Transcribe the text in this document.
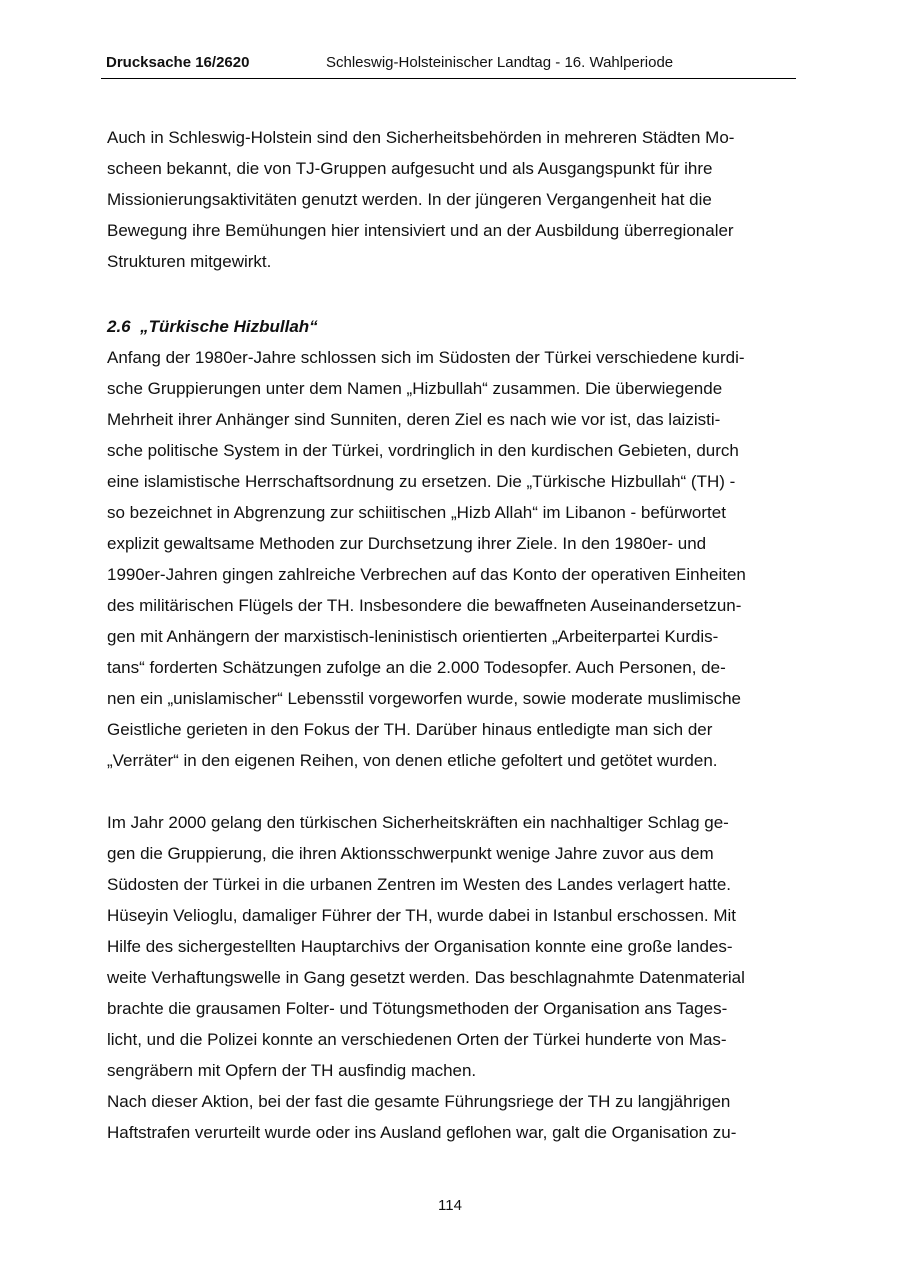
Drucksache 16/2620	Schleswig-Holsteinischer Landtag - 16. Wahlperiode
Auch in Schleswig-Holstein sind den Sicherheitsbehörden in mehreren Städten Mo-
scheen bekannt, die von TJ-Gruppen aufgesucht und als Ausgangspunkt für ihre
Missionierungsaktivitäten genutzt werden. In der jüngeren Vergangenheit hat die
Bewegung ihre Bemühungen hier intensiviert und an der Ausbildung überregionaler
Strukturen mitgewirkt.
2.6  „Türkische Hizbullah“
Anfang der 1980er-Jahre schlossen sich im Südosten der Türkei verschiedene kurdi-
sche Gruppierungen unter dem Namen „Hizbullah“ zusammen. Die überwiegende
Mehrheit ihrer Anhänger sind Sunniten, deren Ziel es nach wie vor ist, das laizisti-
sche politische System in der Türkei, vordringlich in den kurdischen Gebieten, durch
eine islamistische Herrschaftsordnung zu ersetzen. Die „Türkische Hizbullah“ (TH) -
so bezeichnet in Abgrenzung zur schiitischen „Hizb Allah“ im Libanon - befürwortet
explizit gewaltsame Methoden zur Durchsetzung ihrer Ziele. In den 1980er- und
1990er-Jahren gingen zahlreiche Verbrechen auf das Konto der operativen Einheiten
des militärischen Flügels der TH. Insbesondere die bewaffneten Auseinandersetzun-
gen mit Anhängern der marxistisch-leninistisch orientierten „Arbeiterpartei Kurdis-
tans“ forderten Schätzungen zufolge an die 2.000 Todesopfer. Auch Personen, de-
nen ein „unislamischer“ Lebensstil vorgeworfen wurde, sowie moderate muslimische
Geistliche gerieten in den Fokus der TH. Darüber hinaus entledigte man sich der
„Verräter“ in den eigenen Reihen, von denen etliche gefoltert und getötet wurden.
Im Jahr 2000 gelang den türkischen Sicherheitskräften ein nachhaltiger Schlag ge-
gen die Gruppierung, die ihren Aktionsschwerpunkt wenige Jahre zuvor aus dem
Südosten der Türkei in die urbanen Zentren im Westen des Landes verlagert hatte.
Hüseyin Velioglu, damaliger Führer der TH, wurde dabei in Istanbul erschossen. Mit
Hilfe des sichergestellten Hauptarchivs der Organisation konnte eine große landes-
weite Verhaftungswelle in Gang gesetzt werden. Das beschlagnahmte Datenmaterial
brachte die grausamen Folter- und Tötungsmethoden der Organisation ans Tages-
licht, und die Polizei konnte an verschiedenen Orten der Türkei hunderte von Mas-
sengräbern mit Opfern der TH ausfindig machen.
Nach dieser Aktion, bei der fast die gesamte Führungsriege der TH zu langjährigen
Haftstrafen verurteilt wurde oder ins Ausland geflohen war, galt die Organisation zu-
114
